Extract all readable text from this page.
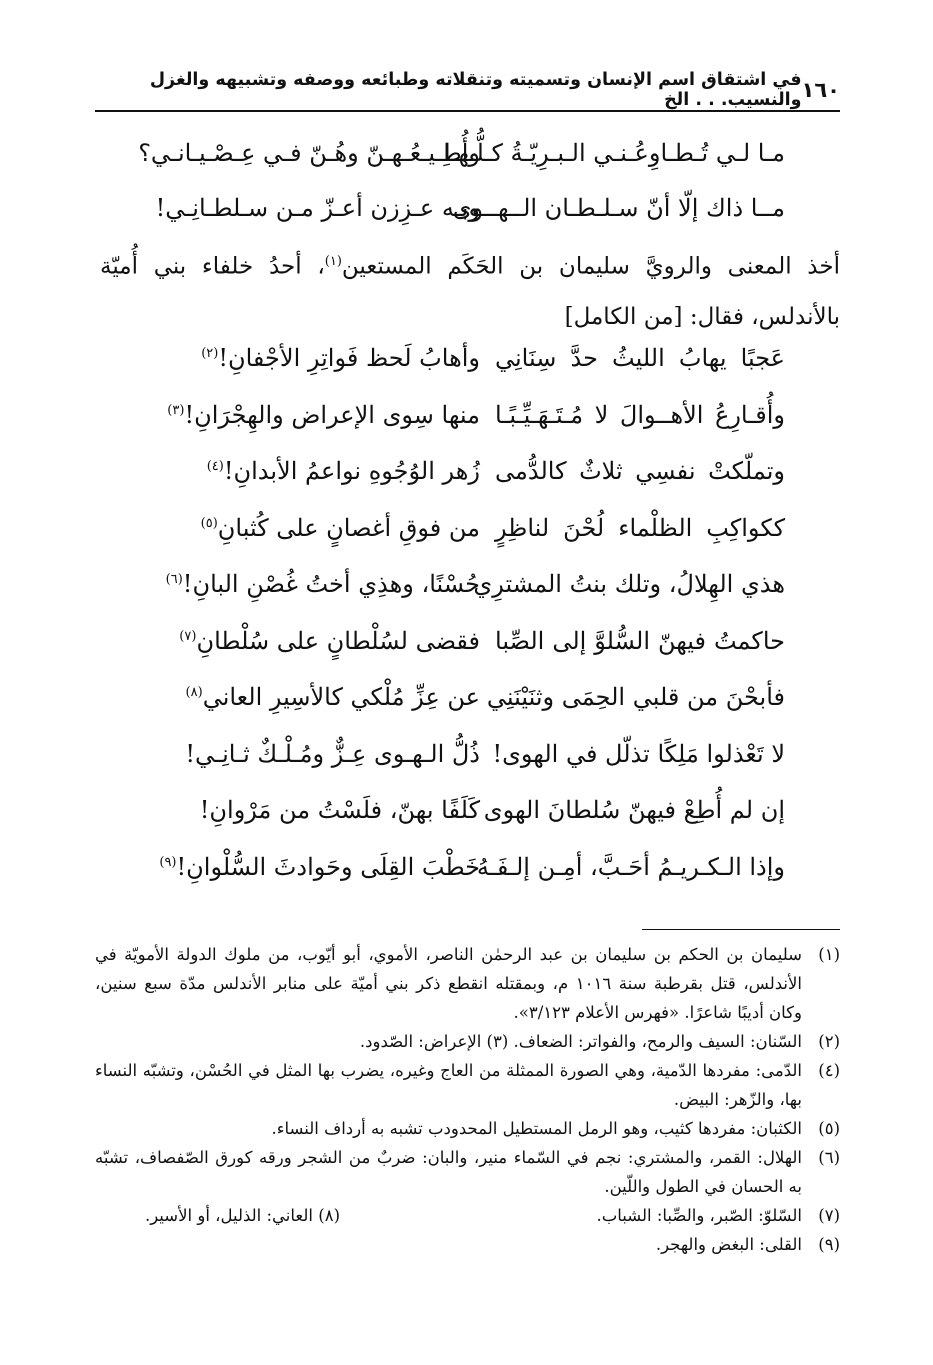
١٦٠
في اشتقاق اسم الإنسان وتسميته وتنقلاته وطبائعه ووصفه وتشبيهه والغزل والنسيب. . . الخ
مـا لـي تُـطـاوِعُـنـي الـبـرِيّـةُ كـلُّـهـا
وأُطِـيـعُـهـنّ وهُـنّ فـي عِـصْـيـانـي؟
مــا ذاك إلّا أنّ سـلـطـان الــهــوى
وبـه عـزِزن أعـزّ مـن سـلطـانِـي!
أخذ المعنى والرويَّ سليمان بن الحَكَم المستعين$^{(١)}$، أحدُ خلفاء بني أُميّة بالأندلس، فقال: [من الكامل]
عَجبًا يهابُ الليثُ حدَّ سِنَانِي
وأهابُ لَحظ فَواتِرِ الأجْفانِ!$^{(٢)}$
وأُقـارِعُ الأهــوالَ لا مُـتَـهَـيِّـبًـا
منها سِوى الإعراض والهِجْرَانِ!$^{(٣)}$
وتملّكتْ نفسِي ثلاثٌ كالدُّمى
زُهر الوُجُوهِ نواعمُ الأبدانِ!$^{(٤)}$
ككواكِبِ الظلْماء لُحْنَ لناظِرٍ
من فوقِ أغصانٍ على كُثبانِ$^{(٥)}$
هذي الهِلالُ، وتلك بنتُ المشترِي
حُسْنًا، وهذِي أختُ غُصْنِ البانِ!$^{(٦)}$
حاكمتُ فيهنّ السُّلوَّ إلى الصِّبا
فقضى لسُلْطانٍ على سُلْطانِ$^{(٧)}$
فأبحْنَ من قلبي الحِمَى وثنَيْنَنِي
عن عِزِّ مُلْكي كالأسِيرِ العاني$^{(٨)}$
لا تَعْذلوا مَلِكًا تذلّل في الهوى!
ذُلُّ الـهـوى عِـزٌّ ومُـلْـكٌ ثـانِـي!
إن لم أُطِعْ فيهنّ سُلطانَ الهوى
كَلَفًا بهنّ، فلَسْتُ من مَرْوانِ!
وإذا الـكـريـمُ أحَـبَّ، أمِـن إلـفَـهُ
خَطْبَ القِلَى وحَوادثَ السُّلْوانِ!$^{(٩)}$
(١)
سليمان بن الحكم بن سليمان بن عبد الرحمٰن الناصر، الأموي، أبو أيّوب، من ملوك الدولة الأمويّة في الأندلس، قتل بقرطبة سنة ١٠١٦ م، وبمقتله انقطع ذكر بني أميّة على منابر الأندلس مدّة سبع سنين، وكان أديبًا شاعرًا. «فهرس الأعلام ٣/١٢٣».
(٢)
السّنان: السيف والرمح، والفواتر: الضعاف. (٣) الإعراض: الصّدود.
(٤)
الدّمى: مفردها الدّمية، وهي الصورة الممثلة من العاج وغيره، يضرب بها المثل في الحُسْن، وتشبّه النساء بها، والزّهر: البيض.
(٥)
الكثبان: مفردها كثيب، وهو الرمل المستطيل المحدودب تشبه به أرداف النساء.
(٦)
الهلال: القمر، والمشتري: نجم في السّماء منير، والبان: ضربٌ من الشجر ورقه كورق الصّفصاف، تشبّه به الحسان في الطول واللّين.
(٧)
السّلوّ: الصّبر، والصِّبا: الشباب.
(٨) العاني: الذليل، أو الأسير.
(٩)
القلى: البغض والهجر.
